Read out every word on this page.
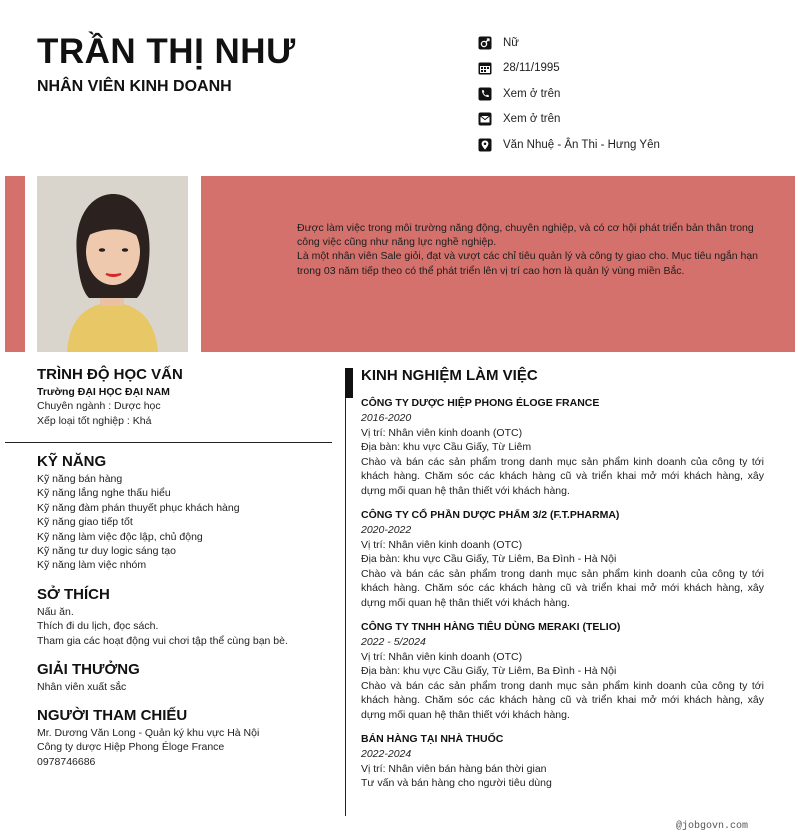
TRẦN THỊ NHƯ
NHÂN VIÊN KINH DOANH
Nữ
28/11/1995
Xem ở trên
Xem ở trên
Văn Nhuệ - Ân Thi - Hưng Yên

Được làm việc trong môi trường năng động, chuyên nghiệp, và có cơ hội phát triển bản thân trong công việc cũng như năng lực nghề nghiệp.

Là một nhân viên Sale giỏi, đạt và vượt các chỉ tiêu quản lý và công ty giao cho. Mục tiêu ngắn hạn trong 03 năm tiếp theo có thể phát triển lên vị trí cao hơn là quản lý vùng miền Bắc.

TRÌNH ĐỘ HỌC VẤN
Trường ĐẠI HỌC ĐẠI NAM
Chuyên ngành : Dược học
Xếp loại tốt nghiệp : Khá
KỸ NĂNG
Kỹ năng bán hàng
Kỹ năng lắng nghe thấu hiểu
Kỹ năng đàm phán thuyết phục khách hàng
Kỹ năng giao tiếp tốt
Kỹ năng làm việc độc lập, chủ động
Kỹ năng tư duy logic sáng tạo
Kỹ năng làm việc nhóm
SỞ THÍCH
Nấu ăn.
Thích đi du lịch, đọc sách.
Tham gia các hoạt động vui chơi tập thể cùng bạn bè.
GIẢI THƯỞNG
Nhân viên xuất sắc
NGƯỜI THAM CHIẾU
Mr. Dương Văn Long - Quản ký khu vực Hà Nội
Công ty dược Hiệp Phong Éloge France
0978746686
KINH NGHIỆM LÀM VIỆC
CÔNG TY DƯỢC HIỆP PHONG ÉLOGE FRANCE
2016-2020
Vị trí: Nhân viên kinh doanh (OTC)
Địa bàn: khu vực Cầu Giấy, Từ Liêm
Chào và bán các sản phẩm trong danh mục sản phẩm kinh doanh của công ty tới khách hàng. Chăm sóc các khách hàng cũ và triển khai mở mới khách hàng, xây dựng mối quan hệ thân thiết với khách hàng.
CÔNG TY CỔ PHẦN DƯỢC PHẨM 3/2 (F.T.PHARMA)
2020-2022
Vị trí: Nhân viên kinh doanh (OTC)
Địa bàn: khu vực Cầu Giấy, Từ Liêm, Ba Đình - Hà Nội
Chào và bán các sản phẩm trong danh mục sản phẩm kinh doanh của công ty tới khách hàng. Chăm sóc các khách hàng cũ và triển khai mở mới khách hàng, xây dựng mối quan hệ thân thiết với khách hàng.
CÔNG TY TNHH HÀNG TIÊU DÙNG MERAKI (TELIO)
2022 - 5/2024
Vị trí: Nhân viên kinh doanh (OTC)
Địa bàn: khu vực Cầu Giấy, Từ Liêm, Ba Đình - Hà Nội
Chào và bán các sản phẩm trong danh mục sản phẩm kinh doanh của công ty tới khách hàng. Chăm sóc các khách hàng cũ và triển khai mở mới khách hàng, xây dựng mối quan hệ thân thiết với khách hàng.
BÁN HÀNG TẠI NHÀ THUỐC
2022-2024
Vị trí: Nhân viên bán hàng bán thời gian
Tư vấn và bán hàng cho người tiêu dùng
@jobgovn.com
